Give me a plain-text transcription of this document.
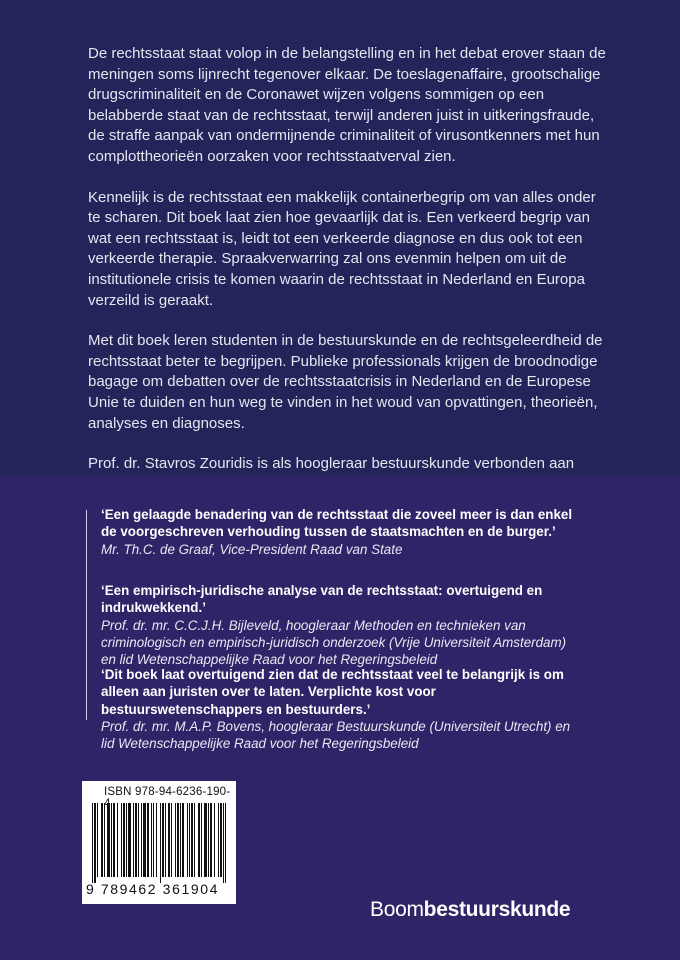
De rechtsstaat staat volop in de belangstelling en in het debat erover staan de meningen soms lijnrecht tegenover elkaar. De toeslagenaffaire, grootschalige drugscriminaliteit en de Coronawet wijzen volgens sommigen op een belabberde staat van de rechtsstaat, terwijl anderen juist in uitkeringsfraude, de straffe aanpak van ondermijnende criminaliteit of virusontkenners met hun complottheorieën oorzaken voor rechtsstaatverval zien.

Kennelijk is de rechtsstaat een makkelijk containerbegrip om van alles onder te scharen. Dit boek laat zien hoe gevaarlijk dat is. Een verkeerd begrip van wat een rechtsstaat is, leidt tot een verkeerde diagnose en dus ook tot een verkeerde therapie. Spraakverwarring zal ons evenmin helpen om uit de institutionele crisis te komen waarin de rechtsstaat in Nederland en Europa verzeild is geraakt.

Met dit boek leren studenten in de bestuurskunde en de rechtsgeleerdheid de rechtsstaat beter te begrijpen. Publieke professionals krijgen de broodnodige bagage om debatten over de rechtsstaatcrisis in Nederland en de Europese Unie te duiden en hun weg te vinden in het woud van opvattingen, theorieën, analyses en diagnoses.

Prof. dr. Stavros Zouridis is als hoogleraar bestuurskunde verbonden aan

‘Een gelaagde benadering van de rechtsstaat die zoveel meer is dan enkel de voorgeschreven verhouding tussen de staatsmachten en de burger.’
Mr. Th.C. de Graaf, Vice-President Raad van State
‘Een empirisch-juridische analyse van de rechtsstaat: overtuigend en indrukwekkend.’
Prof. dr. mr. C.C.J.H. Bijleveld, hoogleraar Methoden en technieken van criminologisch en empirisch-juridisch onderzoek (Vrije Universiteit Amsterdam) en lid Wetenschappelijke Raad voor het Regeringsbeleid
‘Dit boek laat overtuigend zien dat de rechtsstaat veel te belangrijk is om alleen aan juristen over te laten. Verplichte kost voor bestuurswetenschappers en bestuurders.’
Prof. dr. mr. M.A.P. Bovens, hoogleraar Bestuurskunde (Universiteit Utrecht) en lid Wetenschappelijke Raad voor het Regeringsbeleid
ISBN 978-94-6236-190-
9 789462 361904
Boombestuurskunde
